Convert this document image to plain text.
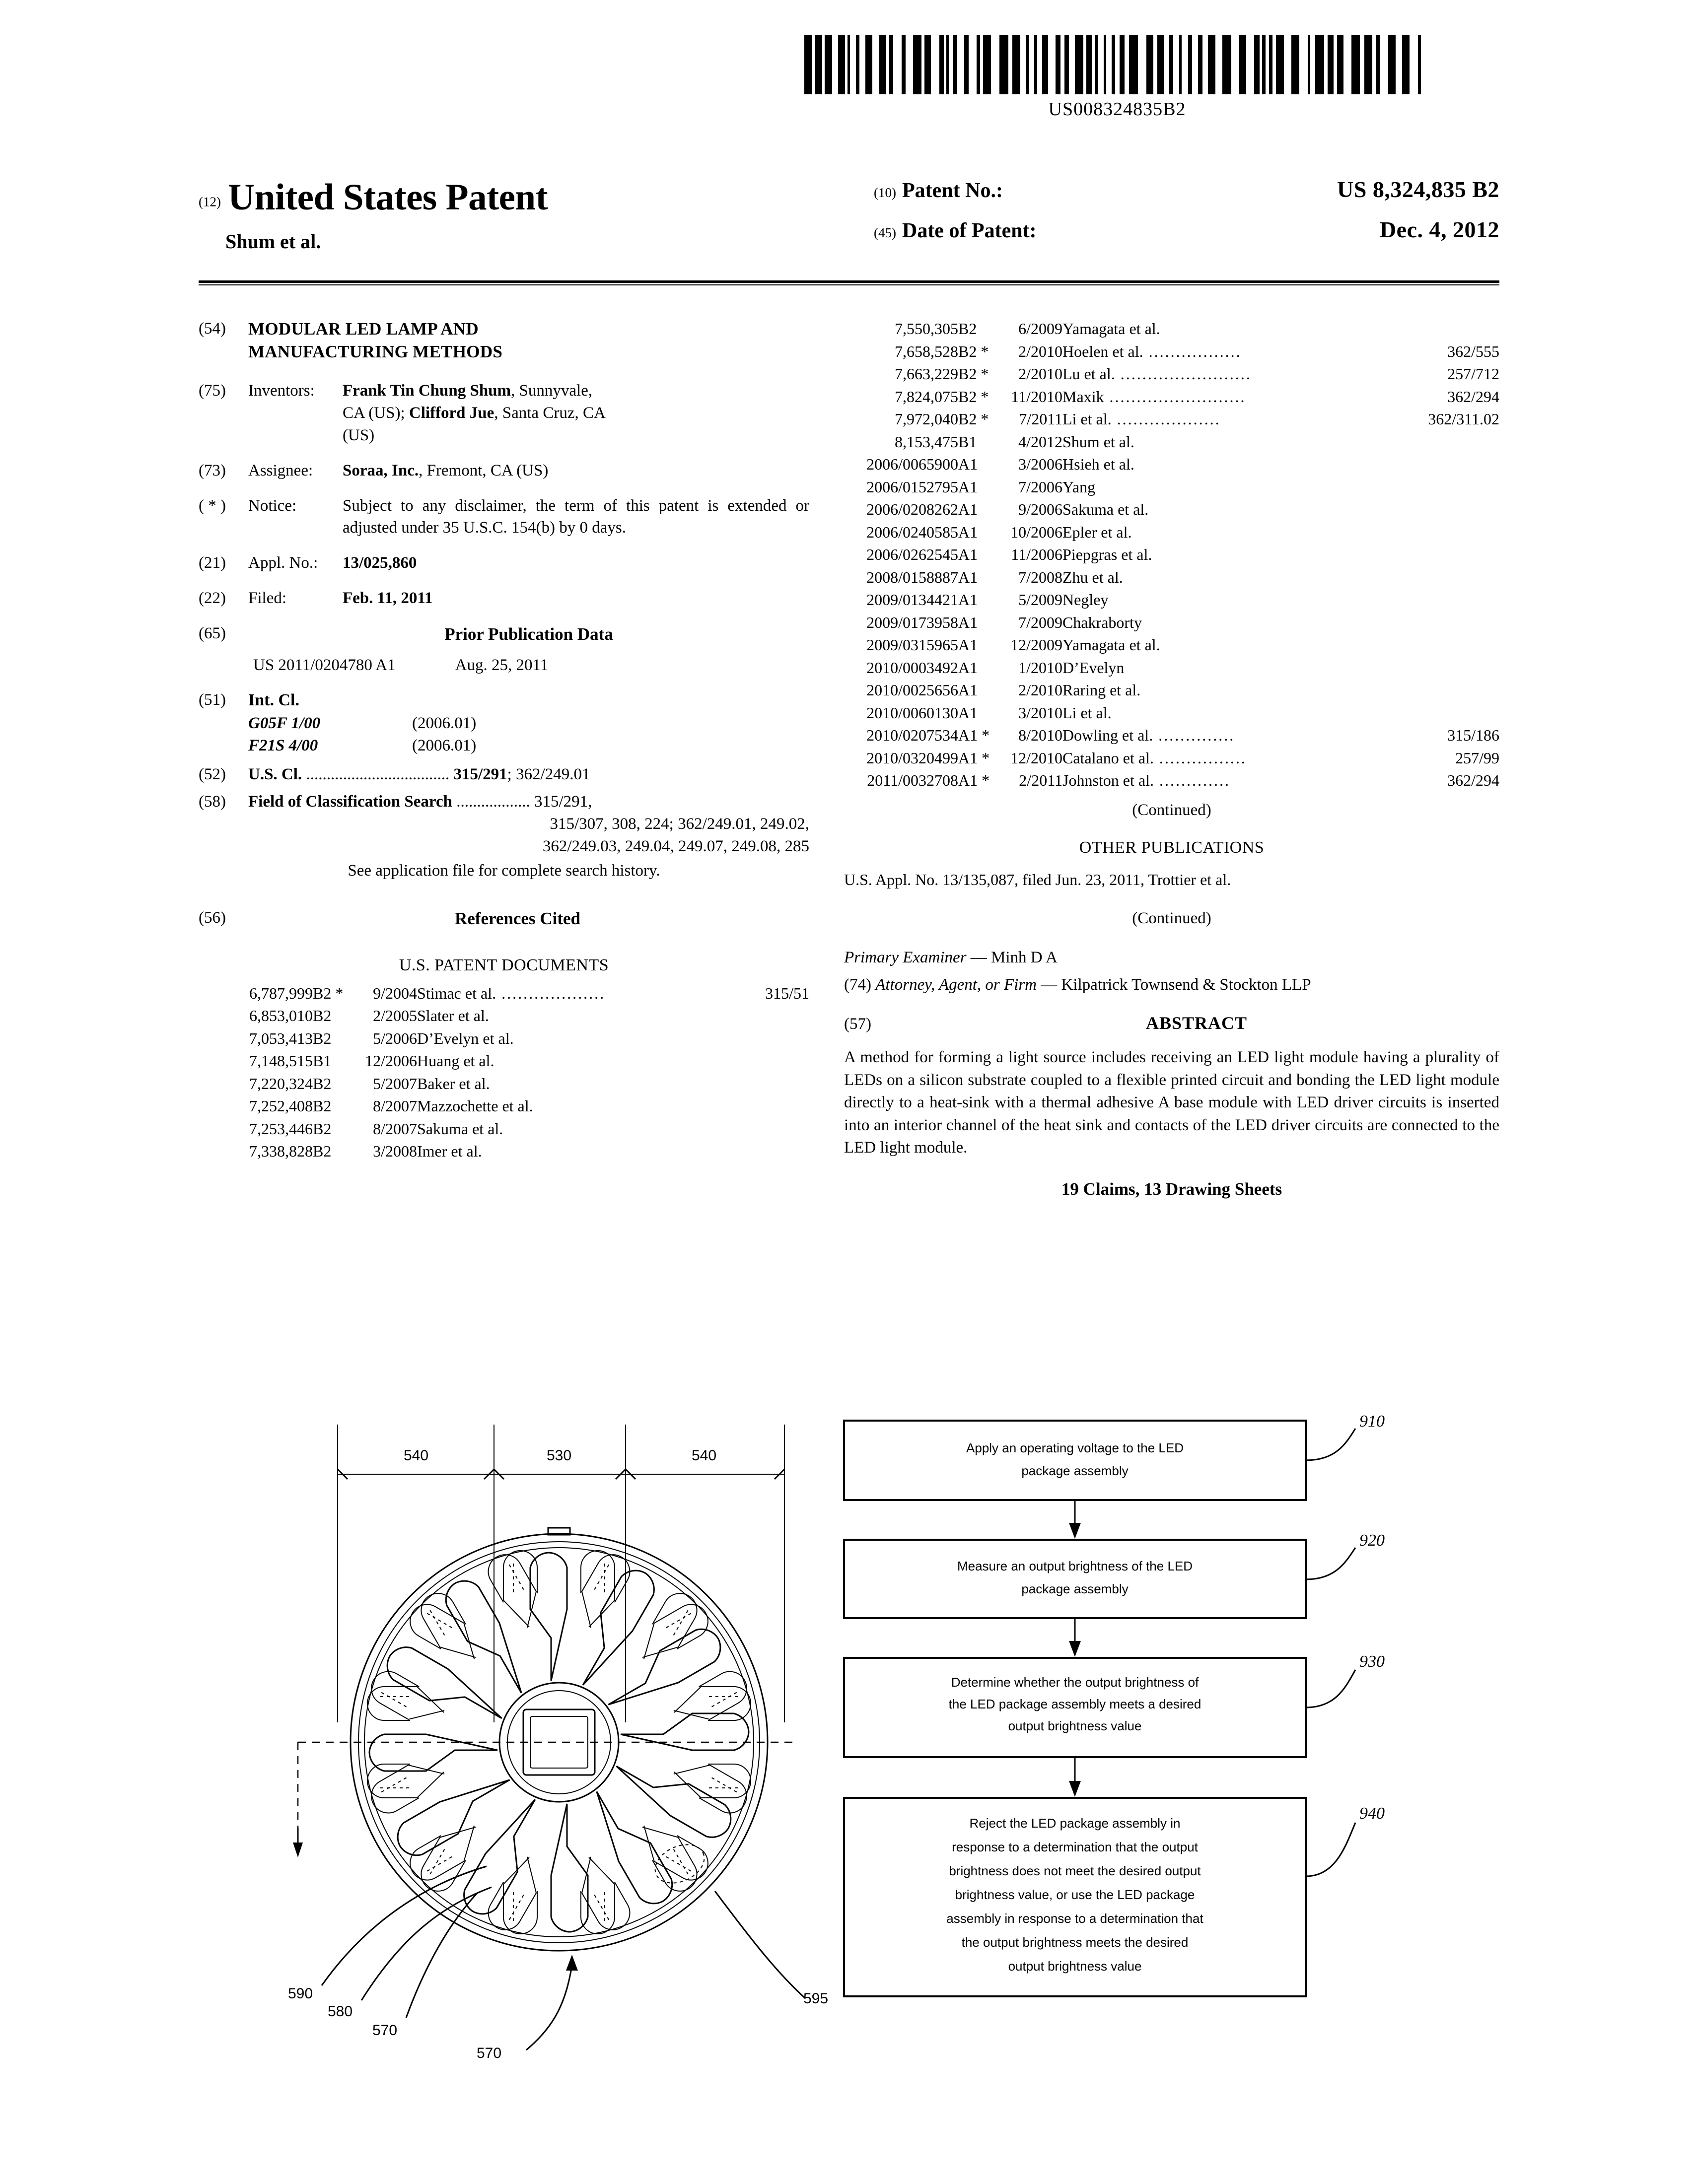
US008324835B2
(12) United States Patent
Shum et al.
(10) Patent No.:	US 8,324,835 B2
(45) Date of Patent:	Dec. 4, 2012
(54)	MODULAR LED LAMP AND
MANUFACTURING METHODS
(75)	Inventors:	Frank Tin Chung Shum, Sunnyvale,
CA (US); Clifford Jue, Santa Cruz, CA
(US)
(73)	Assignee:	Soraa, Inc., Fremont, CA (US)
( * )	Notice:	Subject to any disclaimer, the term of this patent is extended or adjusted under 35 U.S.C. 154(b) by 0 days.
(21)	Appl. No.:	13/025,860
(22)	Filed:	Feb. 11, 2011
(65)	Prior Publication Data
US 2011/0204780 A1	Aug. 25, 2011
(51)	Int. Cl.
G05F 1/00	(2006.01)
F21S 4/00	(2006.01)
(52)	U.S. Cl. ................................... 315/291; 362/249.01
(58)	Field of Classification Search .................. 315/291,
315/307, 308, 224; 362/249.01, 249.02,
362/249.03, 249.04, 249.07, 249.08, 285
See application file for complete search history.
(56)	References Cited
U.S. PATENT DOCUMENTS
6,787,999	B2 *	9/2004	Stimac et al. ...................	315/51
6,853,010	B2	2/2005	Slater et al.	
7,053,413	B2	5/2006	D’Evelyn et al.	
7,148,515	B1	12/2006	Huang et al.	
7,220,324	B2	5/2007	Baker et al.	
7,252,408	B2	8/2007	Mazzochette et al.	
7,253,446	B2	8/2007	Sakuma et al.	
7,338,828	B2	3/2008	Imer et al.	
7,550,305	B2	6/2009	Yamagata et al.	
7,658,528	B2 *	2/2010	Hoelen et al. .................	362/555
7,663,229	B2 *	2/2010	Lu et al. ........................	257/712
7,824,075	B2 *	11/2010	Maxik .........................	362/294
7,972,040	B2 *	7/2011	Li et al. ...................	362/311.02
8,153,475	B1	4/2012	Shum et al.	
2006/0065900	A1	3/2006	Hsieh et al.	
2006/0152795	A1	7/2006	Yang	
2006/0208262	A1	9/2006	Sakuma et al.	
2006/0240585	A1	10/2006	Epler et al.	
2006/0262545	A1	11/2006	Piepgras et al.	
2008/0158887	A1	7/2008	Zhu et al.	
2009/0134421	A1	5/2009	Negley	
2009/0173958	A1	7/2009	Chakraborty	
2009/0315965	A1	12/2009	Yamagata et al.	
2010/0003492	A1	1/2010	D’Evelyn	
2010/0025656	A1	2/2010	Raring et al.	
2010/0060130	A1	3/2010	Li et al.	
2010/0207534	A1 *	8/2010	Dowling et al. ..............	315/186
2010/0320499	A1 *	12/2010	Catalano et al. ................	257/99
2011/0032708	A1 *	2/2011	Johnston et al. .............	362/294
(Continued)
OTHER PUBLICATIONS
U.S. Appl. No. 13/135,087, filed Jun. 23, 2011, Trottier et al.
(Continued)
Primary Examiner — Minh D A
(74) Attorney, Agent, or Firm — Kilpatrick Townsend & Stockton LLP
(57)	ABSTRACT
A method for forming a light source includes receiving an LED light module having a plurality of LEDs on a silicon substrate coupled to a flexible printed circuit and bonding the LED light module directly to a heat-sink with a thermal adhesive A base module with LED driver circuits is inserted into an interior channel of the heat sink and contacts of the LED driver circuits are connected to the LED light module.
19 Claims, 13 Drawing Sheets
540	530	540
590
580
570
570
595
Apply an operating voltage to the LED
package assembly
910
Measure an output brightness of the LED
package assembly
920
Determine whether the output brightness of
the LED package assembly meets a desired
output brightness value
930
Reject the LED package assembly in
response to a determination that the output
brightness does not meet the desired output
brightness value, or use the LED package
assembly in response to a determination that
the output brightness meets the desired
output brightness value
940
